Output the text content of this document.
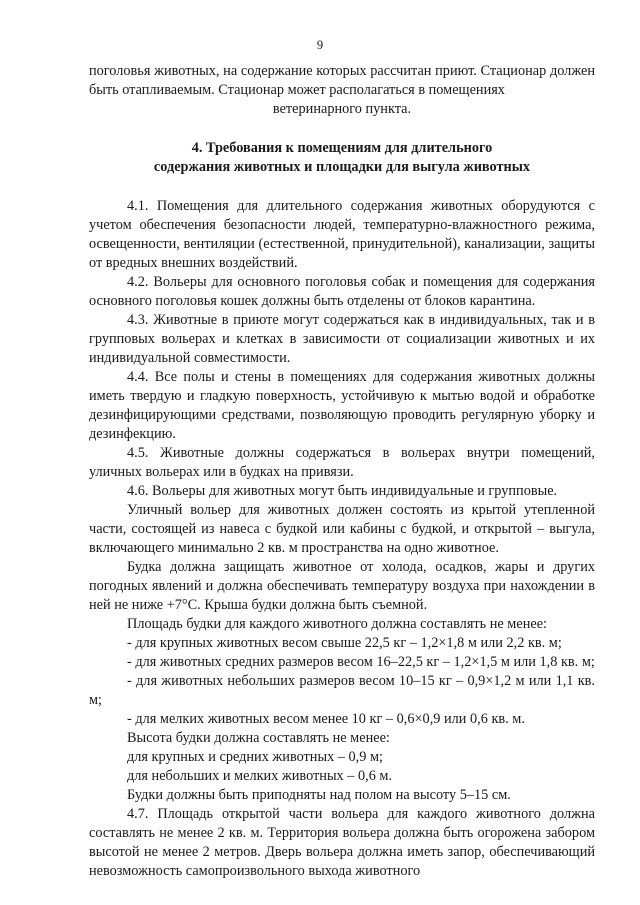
9

поголовья животных, на содержание которых рассчитан приют. Стационар должен быть отапливаемым. Стационар может располагаться в помещениях

ветеринарного пункта.

4. Требования к помещениям для длительного
содержания животных и площадки для выгула животных

4.1. Помещения для длительного содержания животных оборудуются с учетом обеспечения безопасности людей, температурно-влажностного режима, освещенности, вентиляции (естественной, принудительной), канализации, защиты от вредных внешних воздействий.

4.2. Вольеры для основного поголовья собак и помещения для содержания основного поголовья кошек должны быть отделены от блоков карантина.

4.3. Животные в приюте могут содержаться как в индивидуальных, так и в групповых вольерах и клетках в зависимости от социализации животных и их индивидуальной совместимости.

4.4. Все полы и стены в помещениях для содержания животных должны иметь твердую и гладкую поверхность, устойчивую к мытью водой и обработке дезинфицирующими средствами, позволяющую проводить регулярную уборку и дезинфекцию.

4.5. Животные должны содержаться в вольерах внутри помещений, уличных вольерах или в будках на привязи.

4.6. Вольеры для животных могут быть индивидуальные и групповые.

Уличный вольер для животных должен состоять из крытой утепленной части, состоящей из навеса с будкой или кабины с будкой, и открытой – выгула, включающего минимально 2 кв. м пространства на одно животное.

Будка должна защищать животное от холода, осадков, жары и других погодных явлений и должна обеспечивать температуру воздуха при нахождении в ней не ниже +7°С. Крыша будки должна быть съемной.

Площадь будки для каждого животного должна составлять не менее:

- для крупных животных весом свыше 22,5 кг – 1,2×1,8 м или 2,2 кв. м;

- для животных средних размеров весом 16–22,5 кг – 1,2×1,5 м или 1,8 кв. м;

- для животных небольших размеров весом 10–15 кг – 0,9×1,2 м или 1,1 кв. м;

- для мелких животных весом менее 10 кг – 0,6×0,9 или 0,6 кв. м.

Высота будки должна составлять не менее:

для крупных и средних животных – 0,9 м;

для небольших и мелких животных – 0,6 м.

Будки должны быть приподняты над полом на высоту 5–15 см.

4.7. Площадь открытой части вольера для каждого животного должна составлять не менее 2 кв. м. Территория вольера должна быть огорожена забором высотой не менее 2 метров. Дверь вольера должна иметь запор, обеспечивающий невозможность самопроизвольного выхода животного
